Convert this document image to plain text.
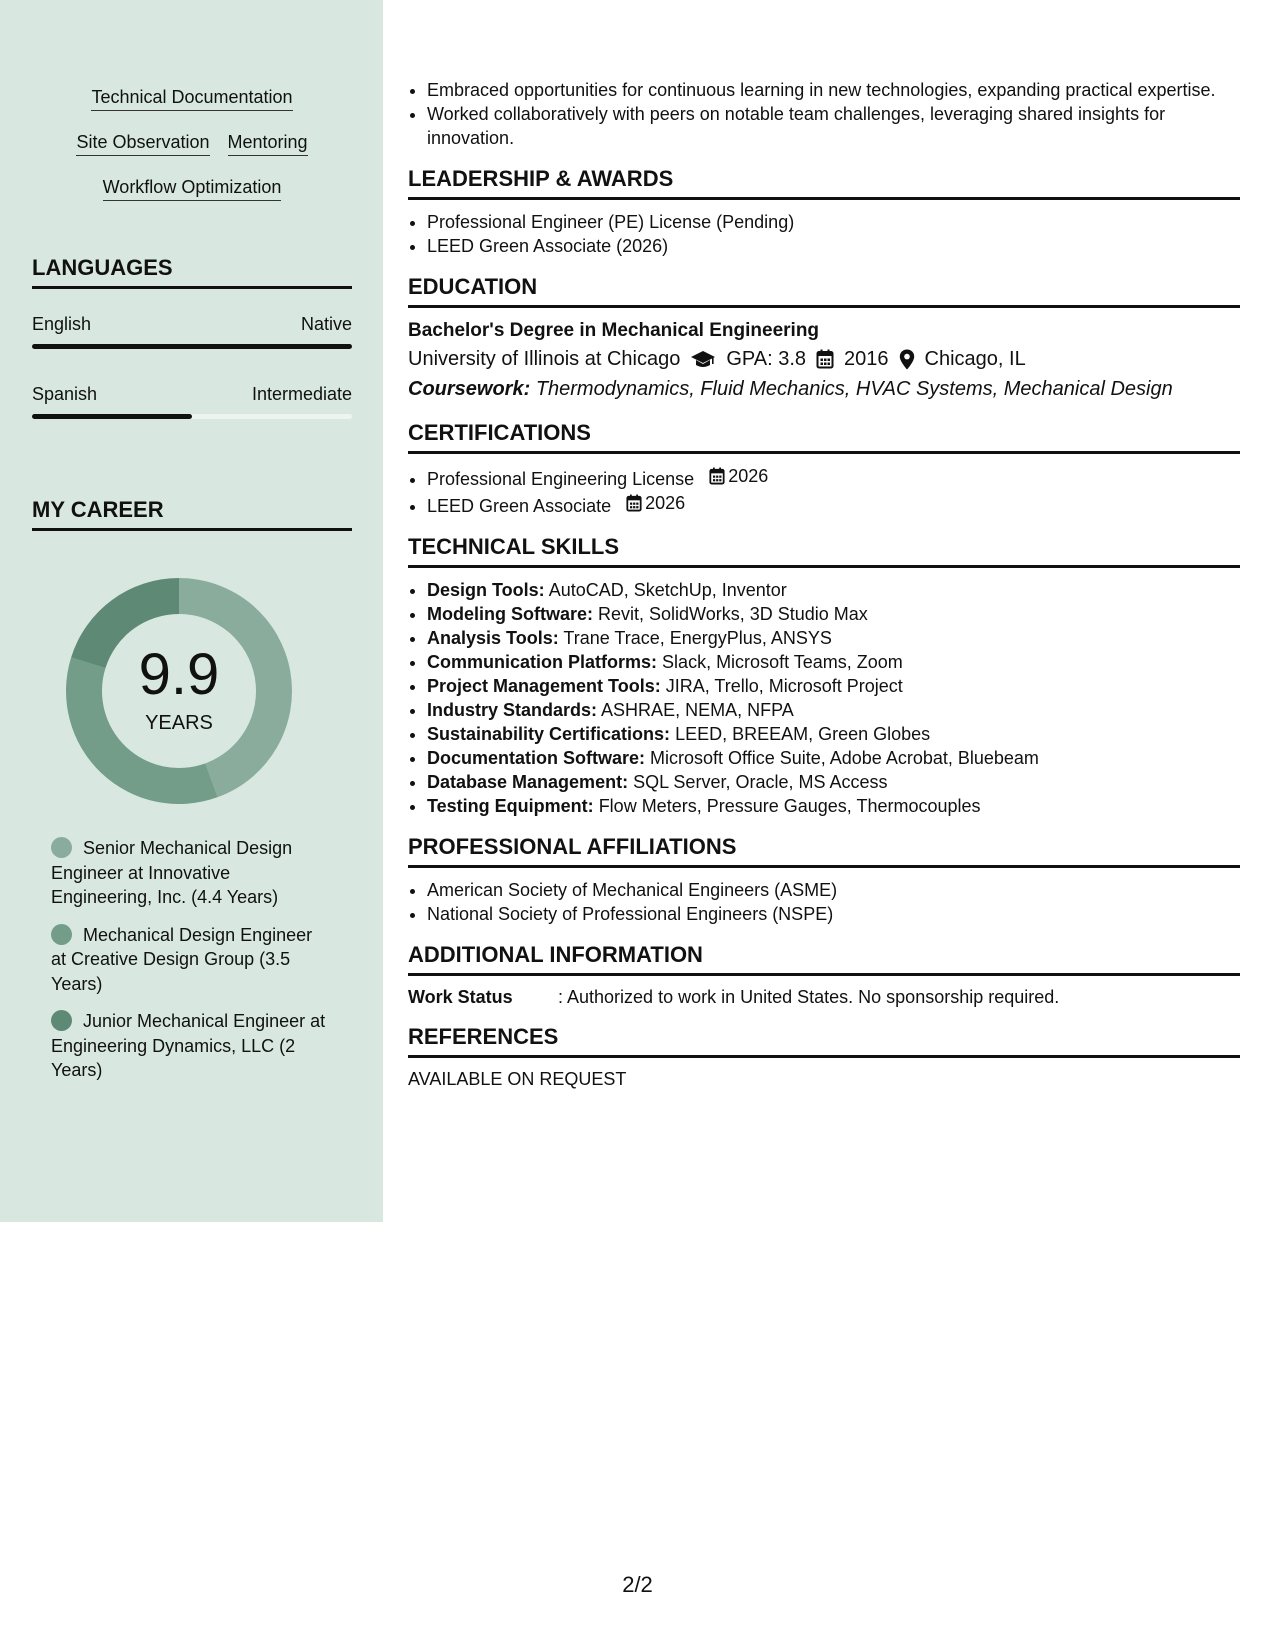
Technical Documentation
Site Observation Mentoring
Workflow Optimization
LANGUAGES
English	Native
Spanish	Intermediate
MY CAREER
9.9
YEARS
Senior Mechanical Design Engineer at Innovative Engineering, Inc. (4.4 Years)
Mechanical Design Engineer at Creative Design Group (3.5 Years)
Junior Mechanical Engineer at Engineering Dynamics, LLC (2 Years)
• Embraced opportunities for continuous learning in new technologies, expanding practical expertise.
• Worked collaboratively with peers on notable team challenges, leveraging shared insights for innovation.
LEADERSHIP & AWARDS
• Professional Engineer (PE) License (Pending)
• LEED Green Associate (2026)
EDUCATION
Bachelor's Degree in Mechanical Engineering
University of Illinois at Chicago GPA: 3.8 2016 Chicago, IL
Coursework: Thermodynamics, Fluid Mechanics, HVAC Systems, Mechanical Design
CERTIFICATIONS
• Professional Engineering License 2026
• LEED Green Associate 2026
TECHNICAL SKILLS
• Design Tools: AutoCAD, SketchUp, Inventor
• Modeling Software: Revit, SolidWorks, 3D Studio Max
• Analysis Tools: Trane Trace, EnergyPlus, ANSYS
• Communication Platforms: Slack, Microsoft Teams, Zoom
• Project Management Tools: JIRA, Trello, Microsoft Project
• Industry Standards: ASHRAE, NEMA, NFPA
• Sustainability Certifications: LEED, BREEAM, Green Globes
• Documentation Software: Microsoft Office Suite, Adobe Acrobat, Bluebeam
• Database Management: SQL Server, Oracle, MS Access
• Testing Equipment: Flow Meters, Pressure Gauges, Thermocouples
PROFESSIONAL AFFILIATIONS
• American Society of Mechanical Engineers (ASME)
• National Society of Professional Engineers (NSPE)
ADDITIONAL INFORMATION
Work Status	: Authorized to work in United States. No sponsorship required.
REFERENCES
AVAILABLE ON REQUEST
2/2
